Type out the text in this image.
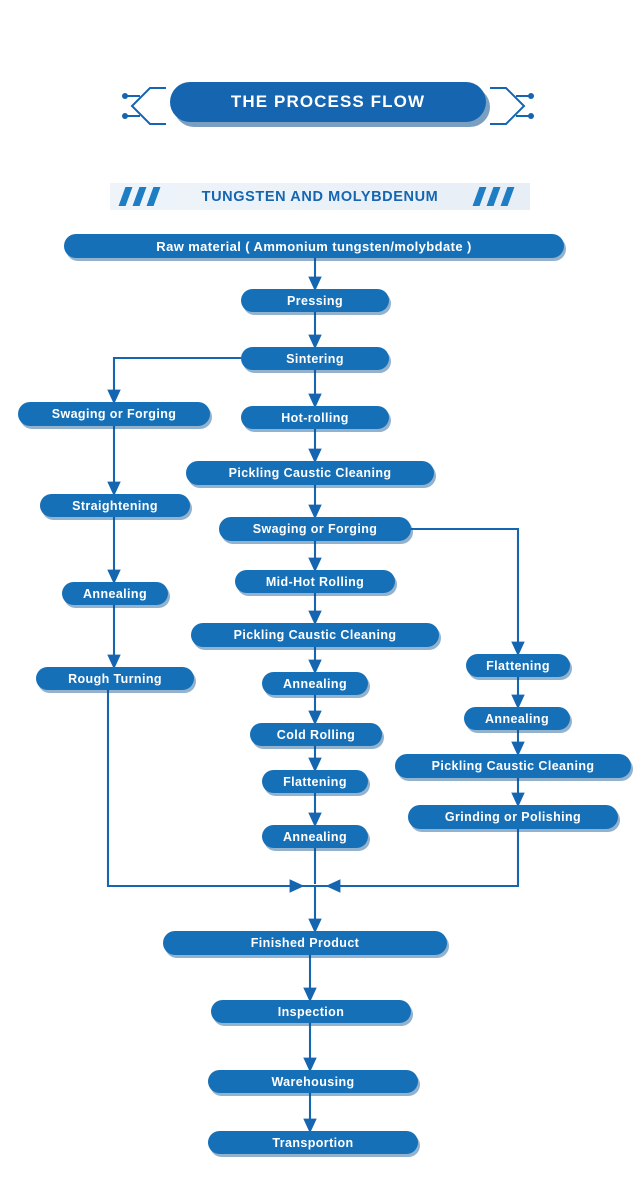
THE PROCESS FLOW
TUNGSTEN AND MOLYBDENUM
Raw material ( Ammonium tungsten/molybdate )
Pressing
Sintering
Swaging or Forging	Hot-rolling
Pickling Caustic Cleaning
Straightening
Swaging or Forging
Annealing
Mid-Hot Rolling
Pickling Caustic Cleaning
Flattening
Rough Turning	Annealing
Annealing
Cold Rolling
Pickling Caustic Cleaning
Flattening
Grinding or Polishing
Annealing
Finished Product
Inspection
Warehousing
Transportion
